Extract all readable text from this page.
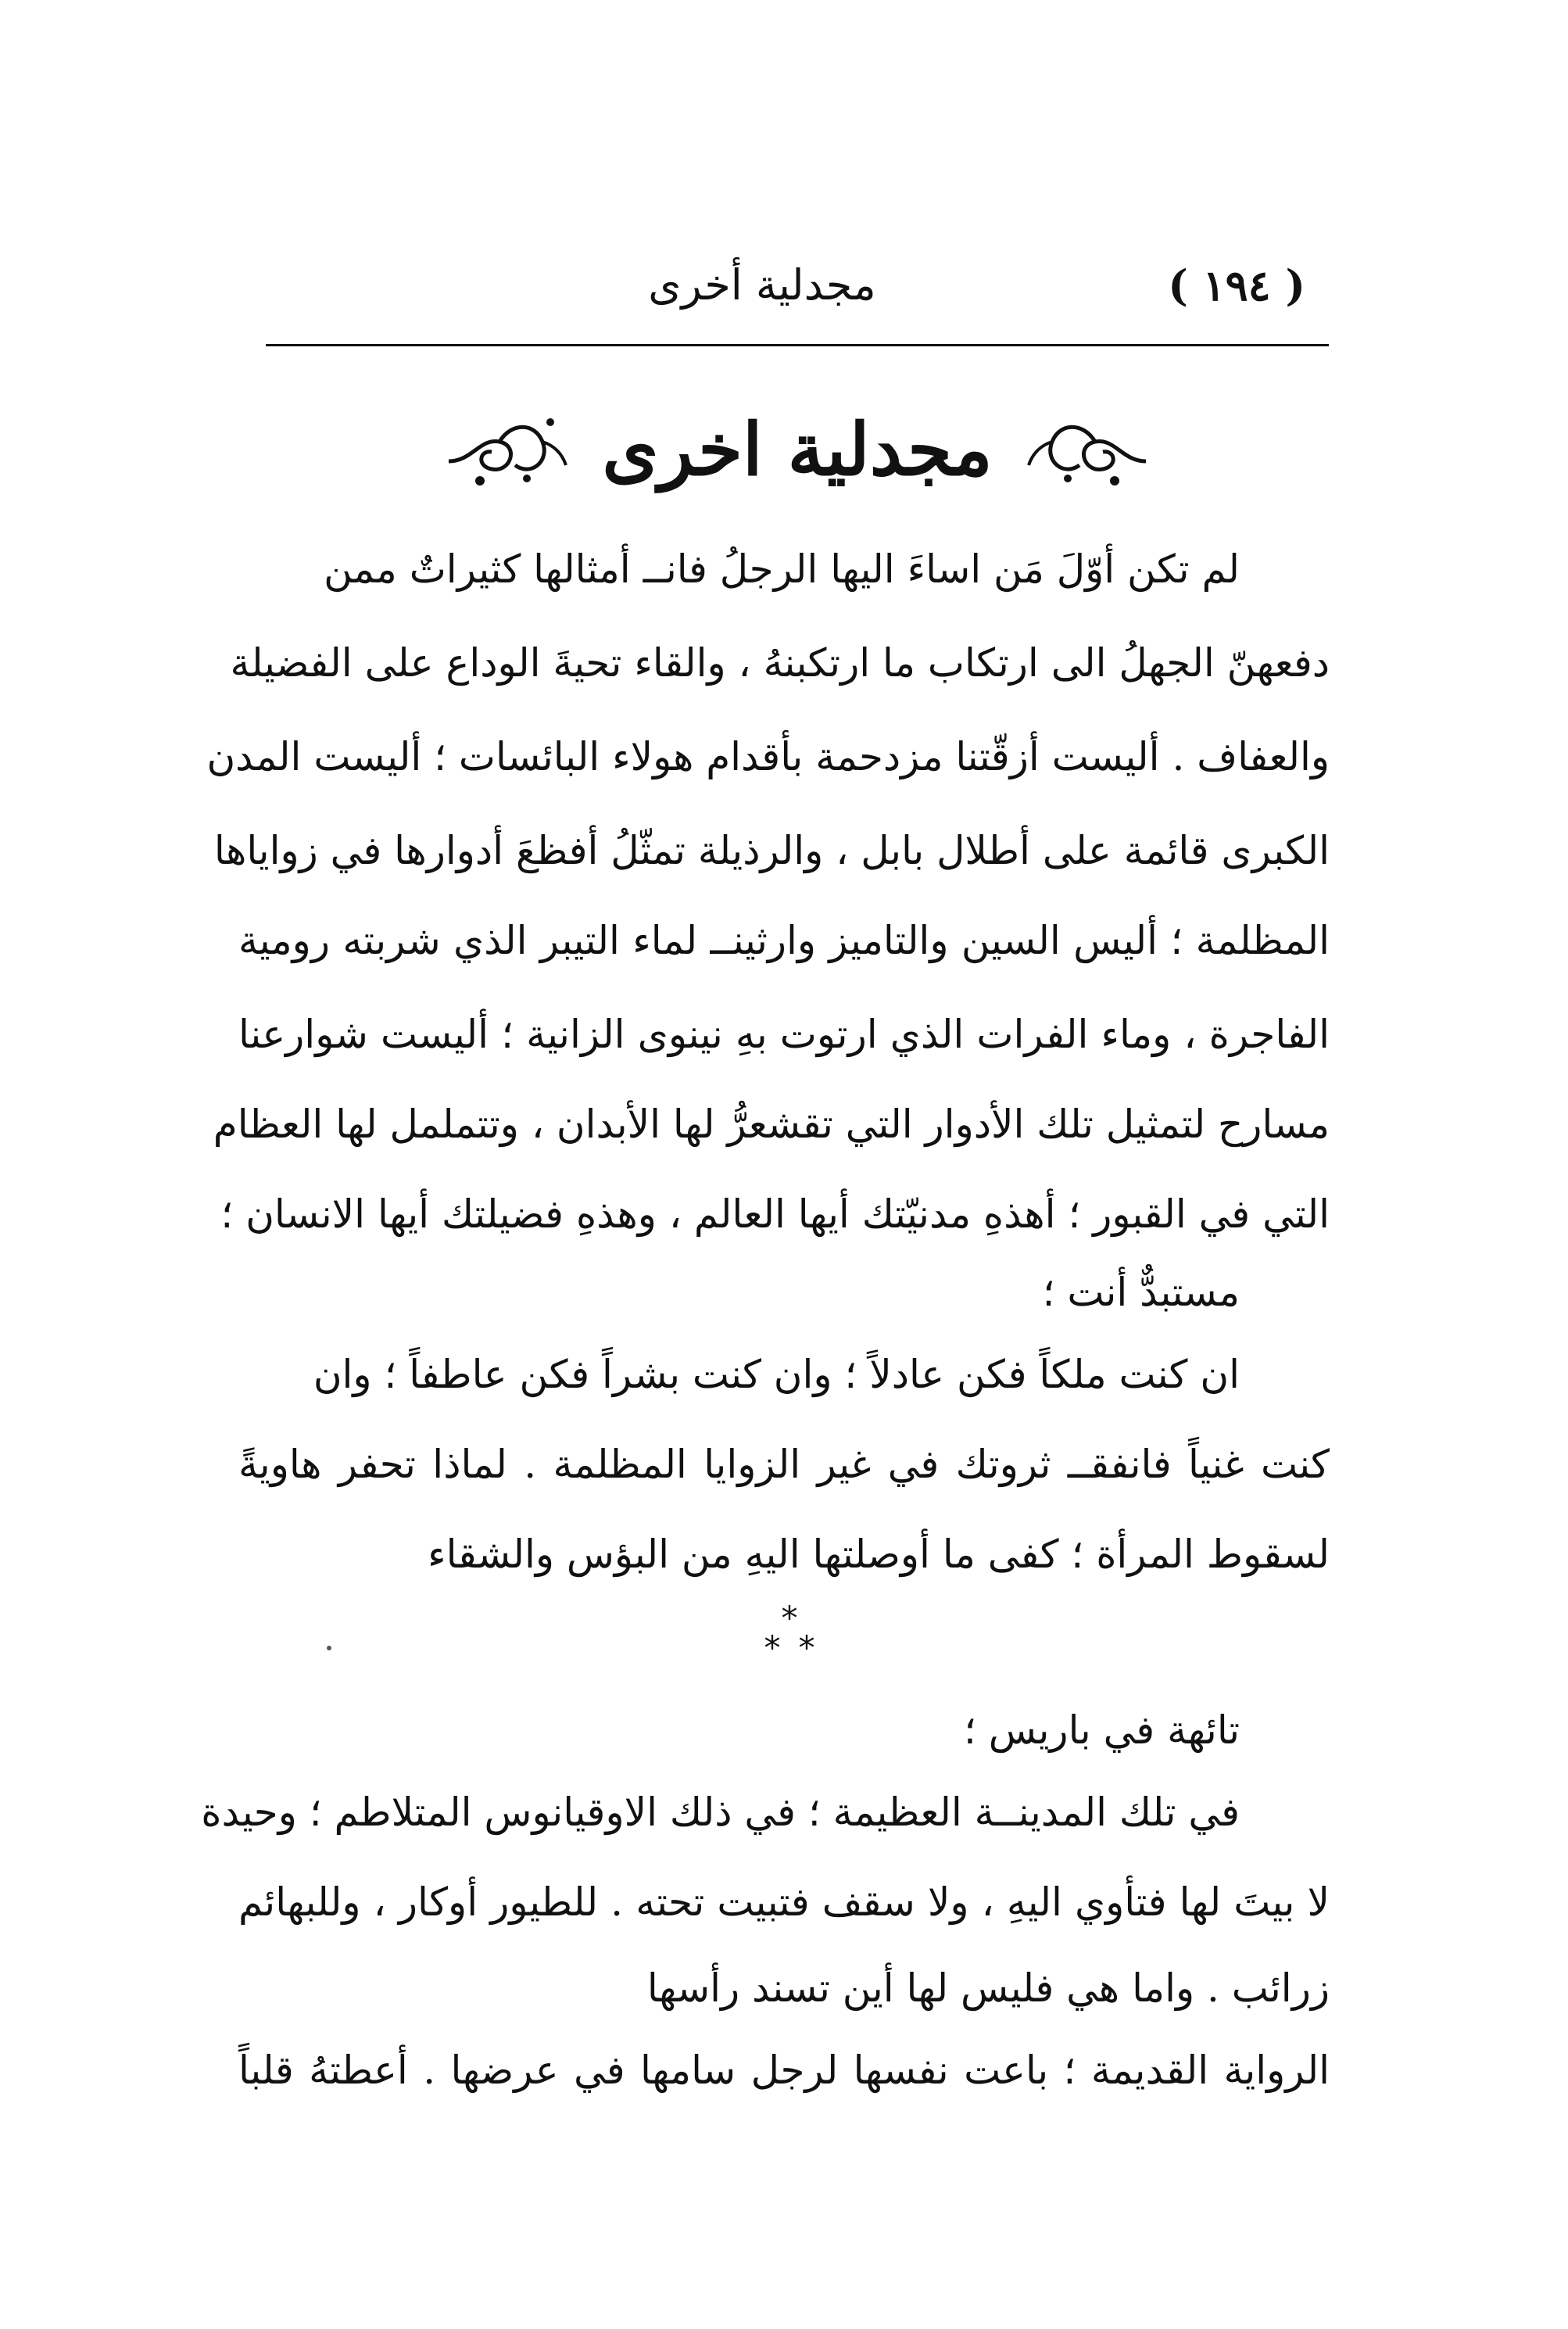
( ١٩٤ )
مجدلية أخرى
مجدلية اخرى
لم تكن أوّلَ مَن اساءَ اليها الرجلُ فانــ أمثالها كثيراتٌ ممن
دفعهنّ الجهلُ الى ارتكاب ما ارتكبنهُ ، والقاء تحيةَ الوداع على الفضيلة
والعفاف . أليست أزقّتنا مزدحمة بأقدام هولاء البائسات ؛ أليست المدن
الكبرى قائمة على أطلال بابل ، والرذيلة تمثّلُ أفظعَ أدوارها في زواياها
المظلمة ؛ أليس السين والتاميز وارثينــ لماء التيبر الذي شربته رومية
الفاجرة ، وماء الفرات الذي ارتوت بهِ نينوى الزانية ؛ أليست شوارعنا
مسارح لتمثيل تلك الأدوار التي تقشعرُّ لها الأبدان ، وتتململ لها العظام
التي في القبور ؛ أهذهِ مدنيّتك أيها العالم ، وهذهِ فضيلتك أيها الانسان ؛
مستبدٌّ أنت ؛
ان كنت ملكاً فكن عادلاً ؛ وان كنت بشراً فكن عاطفاً ؛ وان
كنت غنياً فانفقــ ثروتك في غير الزوايا المظلمة . لماذا تحفر هاويةً
لسقوط المرأة ؛ كفى ما أوصلتها اليهِ من البؤس والشقاء
*
* *
تائهة في باريس ؛
في تلك المدينــة العظيمة ؛ في ذلك الاوقيانوس المتلاطم ؛ وحيدة
لا بيتَ لها فتأوي اليهِ ، ولا سقف فتبيت تحته . للطيور أوكار ، وللبهائم
زرائب . واما هي فليس لها أين تسند رأسها
الرواية القديمة ؛ باعت نفسها لرجل سامها في عرضها . أعطتهُ قلباً
